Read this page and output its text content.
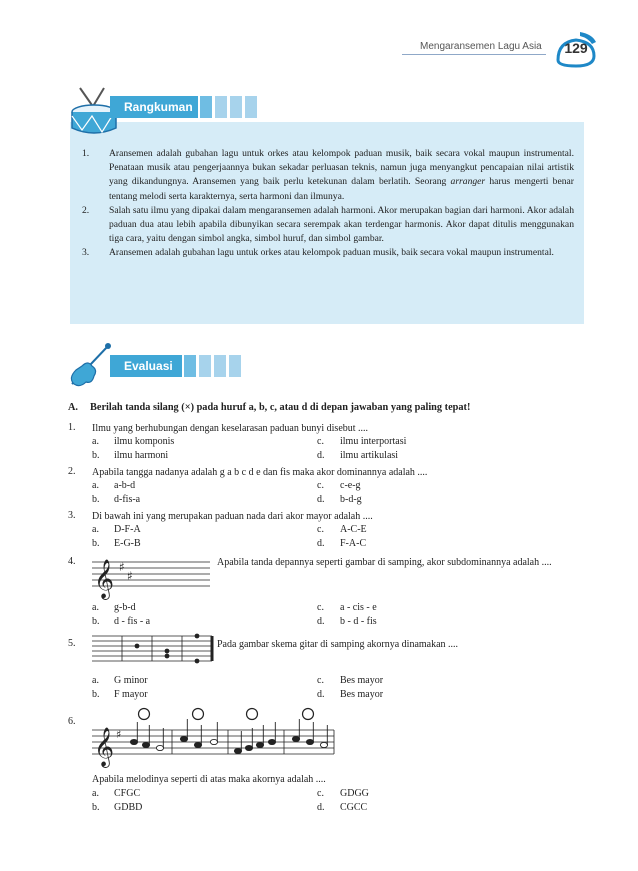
Mengaransemen Lagu Asia	129
Rangkuman
1. Aransemen adalah gubahan lagu untuk orkes atau kelompok paduan musik, baik secara vokal maupun instrumental. Penataan musik atau pengerjaannya bukan sekadar perluasan teknis, namun juga menyangkut pencapaian nilai artistik yang dikandungnya. Aransemen yang baik perlu ketekunan dalam berlatih. Seorang arranger harus mengerti benar tentang melodi serta karakternya, serta harmoni dan ilmunya.
2. Salah satu ilmu yang dipakai dalam mengaransemen adalah harmoni. Akor merupakan bagian dari harmoni. Akor adalah paduan dua atau lebih apabila dibunyikan secara serempak akan terdengar harmonis. Akor dapat ditulis menggunakan tiga cara, yaitu dengan simbol angka, simbol huruf, dan simbol gambar.
3. Aransemen adalah gubahan lagu untuk orkes atau kelompok paduan musik, baik secara vokal maupun instrumental.
Evaluasi
A. Berilah tanda silang (×) pada huruf a, b, c, atau d di depan jawaban yang paling tepat!
1. Ilmu yang berhubungan dengan keselarasan paduan bunyi disebut ....
a. ilmu komponis
b. ilmu harmoni
c. ilmu interportasi
d. ilmu artikulasi
2. Apabila tangga nadanya adalah g a b c d e dan fis maka akor dominannya adalah ....
a. a-b-d
b. d-fis-a
c. c-e-g
d. b-d-g
3. Di bawah ini yang merupakan paduan nada dari akor mayor adalah ....
a. D-F-A
b. E-G-B
c. A-C-E
d. F-A-C
4. 𝄞 ♯
♯
Apabila tanda depannya seperti gambar di samping, akor subdominannya adalah ....
a. g-b-d
b. d - fis - a
c. a - cis - e
d. b - d - fis
5.	Pada gambar skema gitar di samping akornya dinamakan ....
a. G minor
b. F mayor
c. Bes mayor
d. Bes mayor
6.
𝄞 ♯
Apabila melodinya seperti di atas maka akornya adalah ....
a. CFGC
b. GDBD
c. GDGG
d. CGCC
